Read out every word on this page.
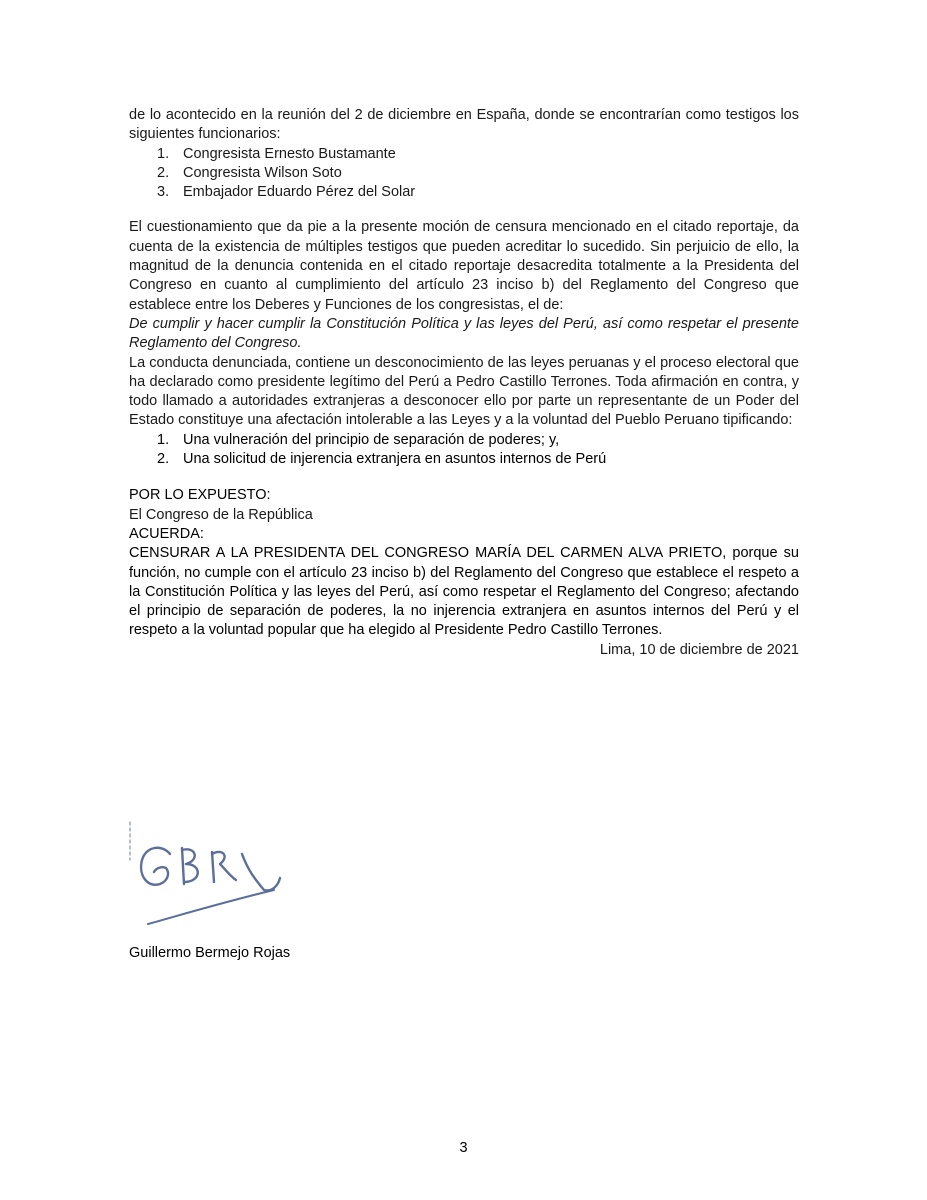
de lo acontecido en la reunión del 2 de diciembre en España, donde se encontrarían como testigos los siguientes funcionarios:

1. Congresista Ernesto Bustamante
2. Congresista Wilson Soto
3. Embajador Eduardo Pérez del Solar

El cuestionamiento que da pie a la presente moción de censura mencionado en el citado reportaje, da cuenta de la existencia de múltiples testigos que pueden acreditar lo sucedido. Sin perjuicio de ello, la magnitud de la denuncia contenida en el citado reportaje desacredita totalmente a la Presidenta del Congreso en cuanto al cumplimiento del artículo 23 inciso b) del Reglamento del Congreso que establece entre los Deberes y Funciones de los congresistas, el de:

De cumplir y hacer cumplir la Constitución Política y las leyes del Perú, así como respetar el presente Reglamento del Congreso.

La conducta denunciada, contiene un desconocimiento de las leyes peruanas y el proceso electoral que ha declarado como presidente legítimo del Perú a Pedro Castillo Terrones. Toda afirmación en contra, y todo llamado a autoridades extranjeras a desconocer ello por parte un representante de un Poder del Estado constituye una afectación intolerable a las Leyes y a la voluntad del Pueblo Peruano tipificando:

1. Una vulneración del principio de separación de poderes; y,
2. Una solicitud de injerencia extranjera en asuntos internos de Perú

POR LO EXPUESTO:

El Congreso de la República

ACUERDA:

CENSURAR A LA PRESIDENTA DEL CONGRESO MARÍA DEL CARMEN ALVA PRIETO, porque su función, no cumple con el artículo 23 inciso b) del Reglamento del Congreso que establece el respeto a la Constitución Política y las leyes del Perú, así como respetar el Reglamento del Congreso; afectando el principio de separación de poderes, la no injerencia extranjera en asuntos internos del Perú y el respeto a la voluntad popular que ha elegido al Presidente Pedro Castillo Terrones.

Lima, 10 de diciembre de 2021

Guillermo Bermejo Rojas
3
